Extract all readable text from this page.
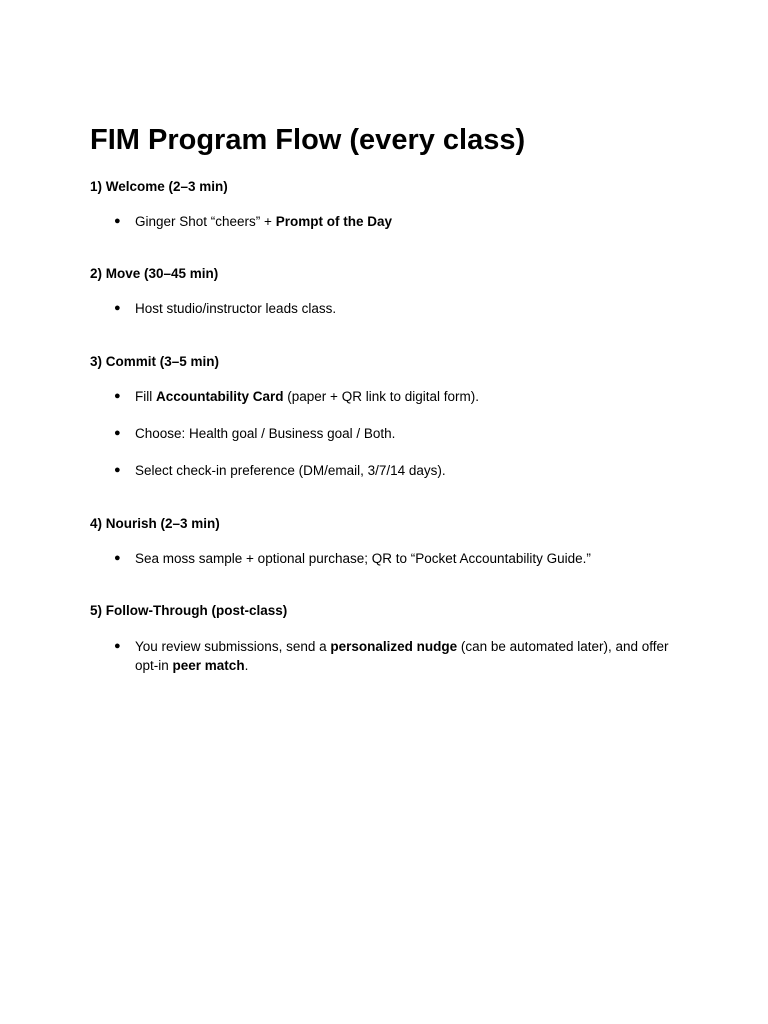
FIM Program Flow (every class)

1) Welcome (2–3 min)

● Ginger Shot “cheers” + Prompt of the Day

2) Move (30–45 min)

● Host studio/instructor leads class.

3) Commit (3–5 min)

● Fill Accountability Card (paper + QR link to digital form).
● Choose: Health goal / Business goal / Both.
● Select check-in preference (DM/email, 3/7/14 days).

4) Nourish (2–3 min)

● Sea moss sample + optional purchase; QR to “Pocket Accountability Guide.”

5) Follow-Through (post-class)

● You review submissions, send a personalized nudge (can be automated later), and offer opt-in peer match.
